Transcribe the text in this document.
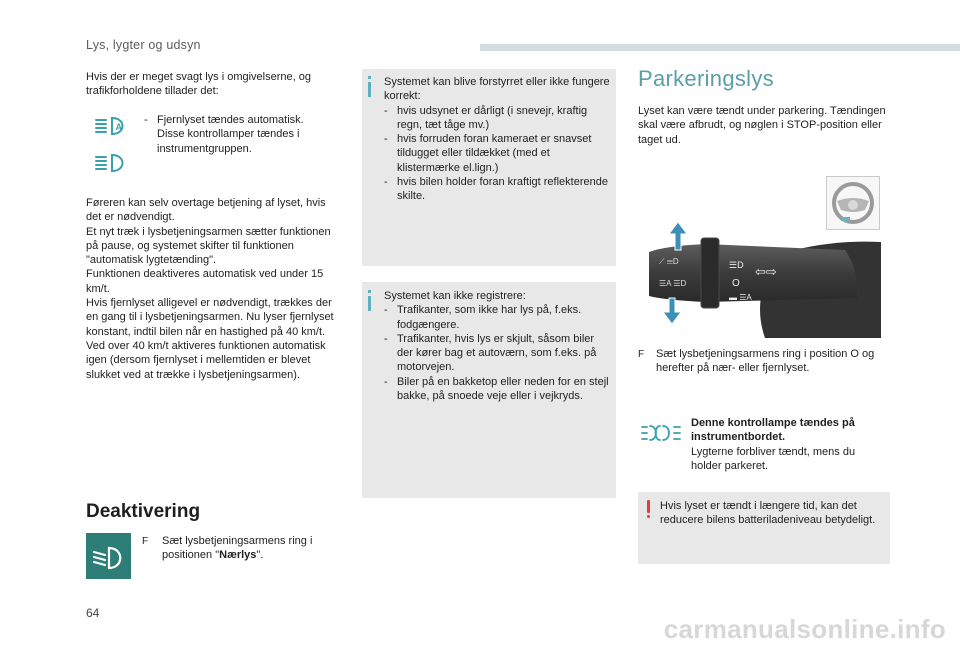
Lys, lygter og udsyn
Hvis der er meget svagt lys i omgivelserne, og trafikforholdene tillader det:
A
- Fjernlyset tændes automatisk. Disse kontrollamper tændes i instrumentgruppen.
Føreren kan selv overtage betjening af lyset, hvis det er nødvendigt.
Et nyt træk i lysbetjeningsarmen sætter funktionen på pause, og systemet skifter til funktionen "automatisk lygtetænding".
Funktionen deaktiveres automatisk ved under 15 km/t.
Hvis fjernlyset alligevel er nødvendigt, trækkes der en gang til i lysbetjeningsarmen. Nu lyser fjernlyset konstant, indtil bilen når en hastighed på 40 km/t. Ved over 40 km/t aktiveres funktionen automatisk igen (dersom fjernlyset i mellemtiden er blevet slukket ved at trække i lysbetjeningsarmen).
Deaktivering
F	Sæt lysbetjeningsarmens ring i positionen "Nærlys".
Systemet kan blive forstyrret eller ikke fungere korrekt:
- hvis udsynet er dårligt (i snevejr, kraftig regn, tæt tåge mv.)
- hvis forruden foran kameraet er snavset tildugget eller tildækket (med et klistermærke el.lign.)
- hvis bilen holder foran kraftigt reflekterende skilte.
Systemet kan ikke registrere:
- Trafikanter, som ikke har lys på, f.eks. fodgængere.
- Trafikanter, hvis lys er skjult, såsom biler der kører bag et autoværn, som f.eks. på motorvejen.
- Biler på en bakketop eller neden for en stejl bakke, på snoede veje eller i vejkryds.
Parkeringslys
Lyset kan være tændt under parkering. Tændingen skal være afbrudt, og nøglen i STOP-position eller taget ud.
⟋ ☰D
☰A ☰D
☰D
O
▬ ☰A
⇦⇨
F	Sæt lysbetjeningsarmens ring i position O og herefter på nær- eller fjernlyset.
Denne kontrollampe tændes på instrumentbordet.
Lygterne forbliver tændt, mens du holder parkeret.
Hvis lyset er tændt i længere tid, kan det reducere bilens batteriladeniveau betydeligt.
64
carmanualsonline.info
